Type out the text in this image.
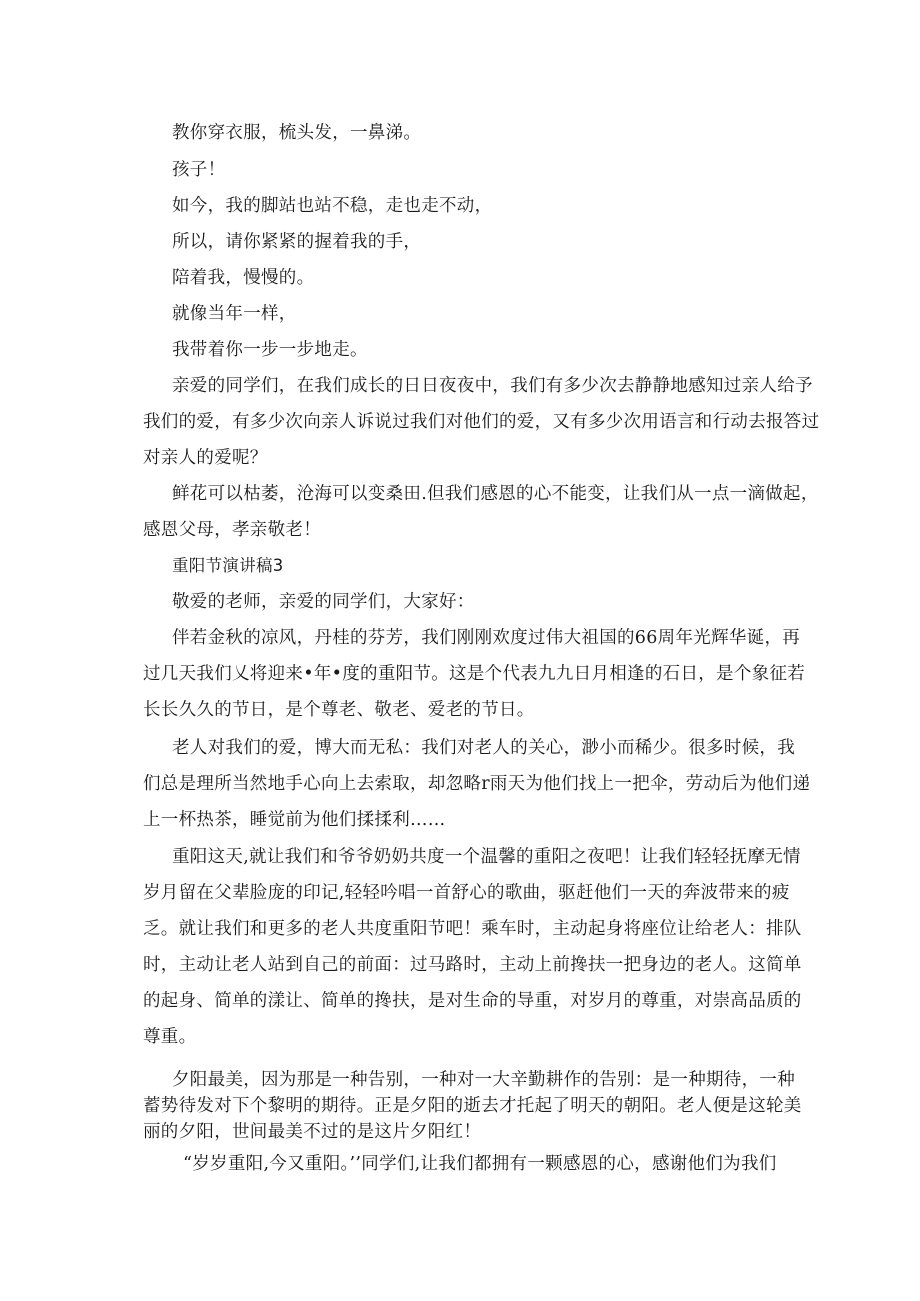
教你穿衣服，梳头发，一鼻涕。

孩子！

如今，我的脚站也站不稳，走也走不动，

所以，请你紧紧的握着我的手，

陪着我，慢慢的。

就像当年一样，

我带着你一步一步地走。

亲爱的同学们，在我们成长的日日夜夜中，我们有多少次去静静地感知过亲人给予

我们的爱，有多少次向亲人诉说过我们对他们的爱，又有多少次用语言和行动去报答过

对亲人的爱呢？

鲜花可以枯萎，沧海可以变桑田.但我们感恩的心不能变，让我们从一点一滴做起，

感恩父母，孝亲敬老！

重阳节演讲稿3

敬爱的老师，亲爱的同学们，大家好：

伴若金秋的凉风，丹桂的芬芳，我们刚刚欢度过伟大祖国的66周年光辉华诞，再

过几天我们乂将迎来•年•度的重阳节。这是个代表九九日月相逢的石日，是个象征若

长长久久的节日，是个尊老、敬老、爱老的节日。

老人对我们的爱，博大而无私：我们对老人的关心，渺小而稀少。很多时候，我

们总是理所当然地手心向上去索取，却忽略r雨天为他们找上一把伞，劳动后为他们递

上一杯热茶，睡觉前为他们揉揉利……

重阳这天,就让我们和爷爷奶奶共度一个温馨的重阳之夜吧！让我们轻轻抚摩无情

岁月留在父辈脸庞的印记,轻轻吟唱一首舒心的歌曲，驱赶他们一天的奔波带来的疲

乏。就让我们和更多的老人共度重阳节吧！乘车时，主动起身将座位让给老人：排队

时，主动让老人站到自己的前面：过马路时，主动上前搀扶一把身边的老人。这简单

的起身、简单的漾让、简单的搀扶，是对生命的导重，对岁月的尊重，对崇高品质的

尊重。

夕阳最美，因为那是一种告别，一种对一大辛勤耕作的告别：是一种期待，一种

蓄势待发对下个黎明的期待。正是夕阳的逝去才托起了明天的朝阳。老人便是这轮美

丽的夕阳，世间最美不过的是这片夕阳红！

“岁岁重阳,今又重阳。’’同学们,让我们都拥有一颗感恩的心，感谢他们为我们
